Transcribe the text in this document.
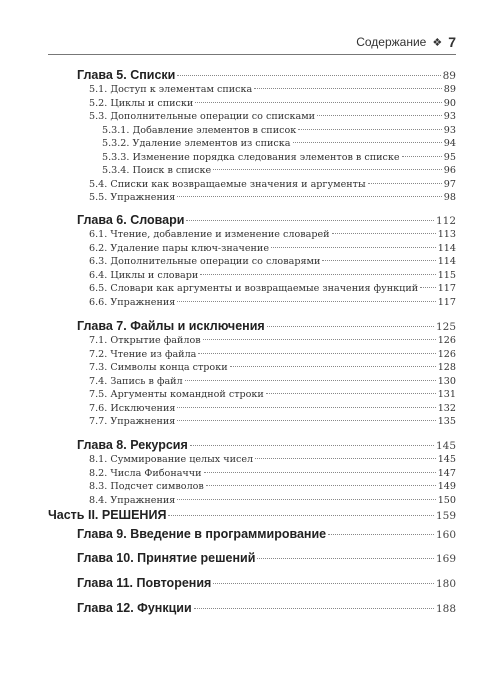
Содержание ❖ 7
Глава 5. Списки	89
5.1. Доступ к элементам списка	89
5.2. Циклы и списки	90
5.3. Дополнительные операции со списками	93
5.3.1. Добавление элементов в список	93
5.3.2. Удаление элементов из списка	94
5.3.3. Изменение порядка следования элементов в списке	95
5.3.4. Поиск в списке	96
5.4. Списки как возвращаемые значения и аргументы	97
5.5. Упражнения	98
Глава 6. Словари	112
6.1. Чтение, добавление и изменение словарей	113
6.2. Удаление пары ключ-значение	114
6.3. Дополнительные операции со словарями	114
6.4. Циклы и словари	115
6.5. Словари как аргументы и возвращаемые значения функций 117
6.6. Упражнения	117
Глава 7. Файлы и исключения	125
7.1. Открытие файлов	126
7.2. Чтение из файла	126
7.3. Символы конца строки	128
7.4. Запись в файл	130
7.5. Аргументы командной строки	131
7.6. Исключения	132
7.7. Упражнения	135
Глава 8. Рекурсия	145
8.1. Суммирование целых чисел	145
8.2. Числа Фибоначчи	147
8.3. Подсчет символов	149
8.4. Упражнения	150
Часть II. РЕШЕНИЯ	159
Глава 9. Введение в программирование	160
Глава 10. Принятие решений	169
Глава 11. Повторения	180
Глава 12. Функции	188
